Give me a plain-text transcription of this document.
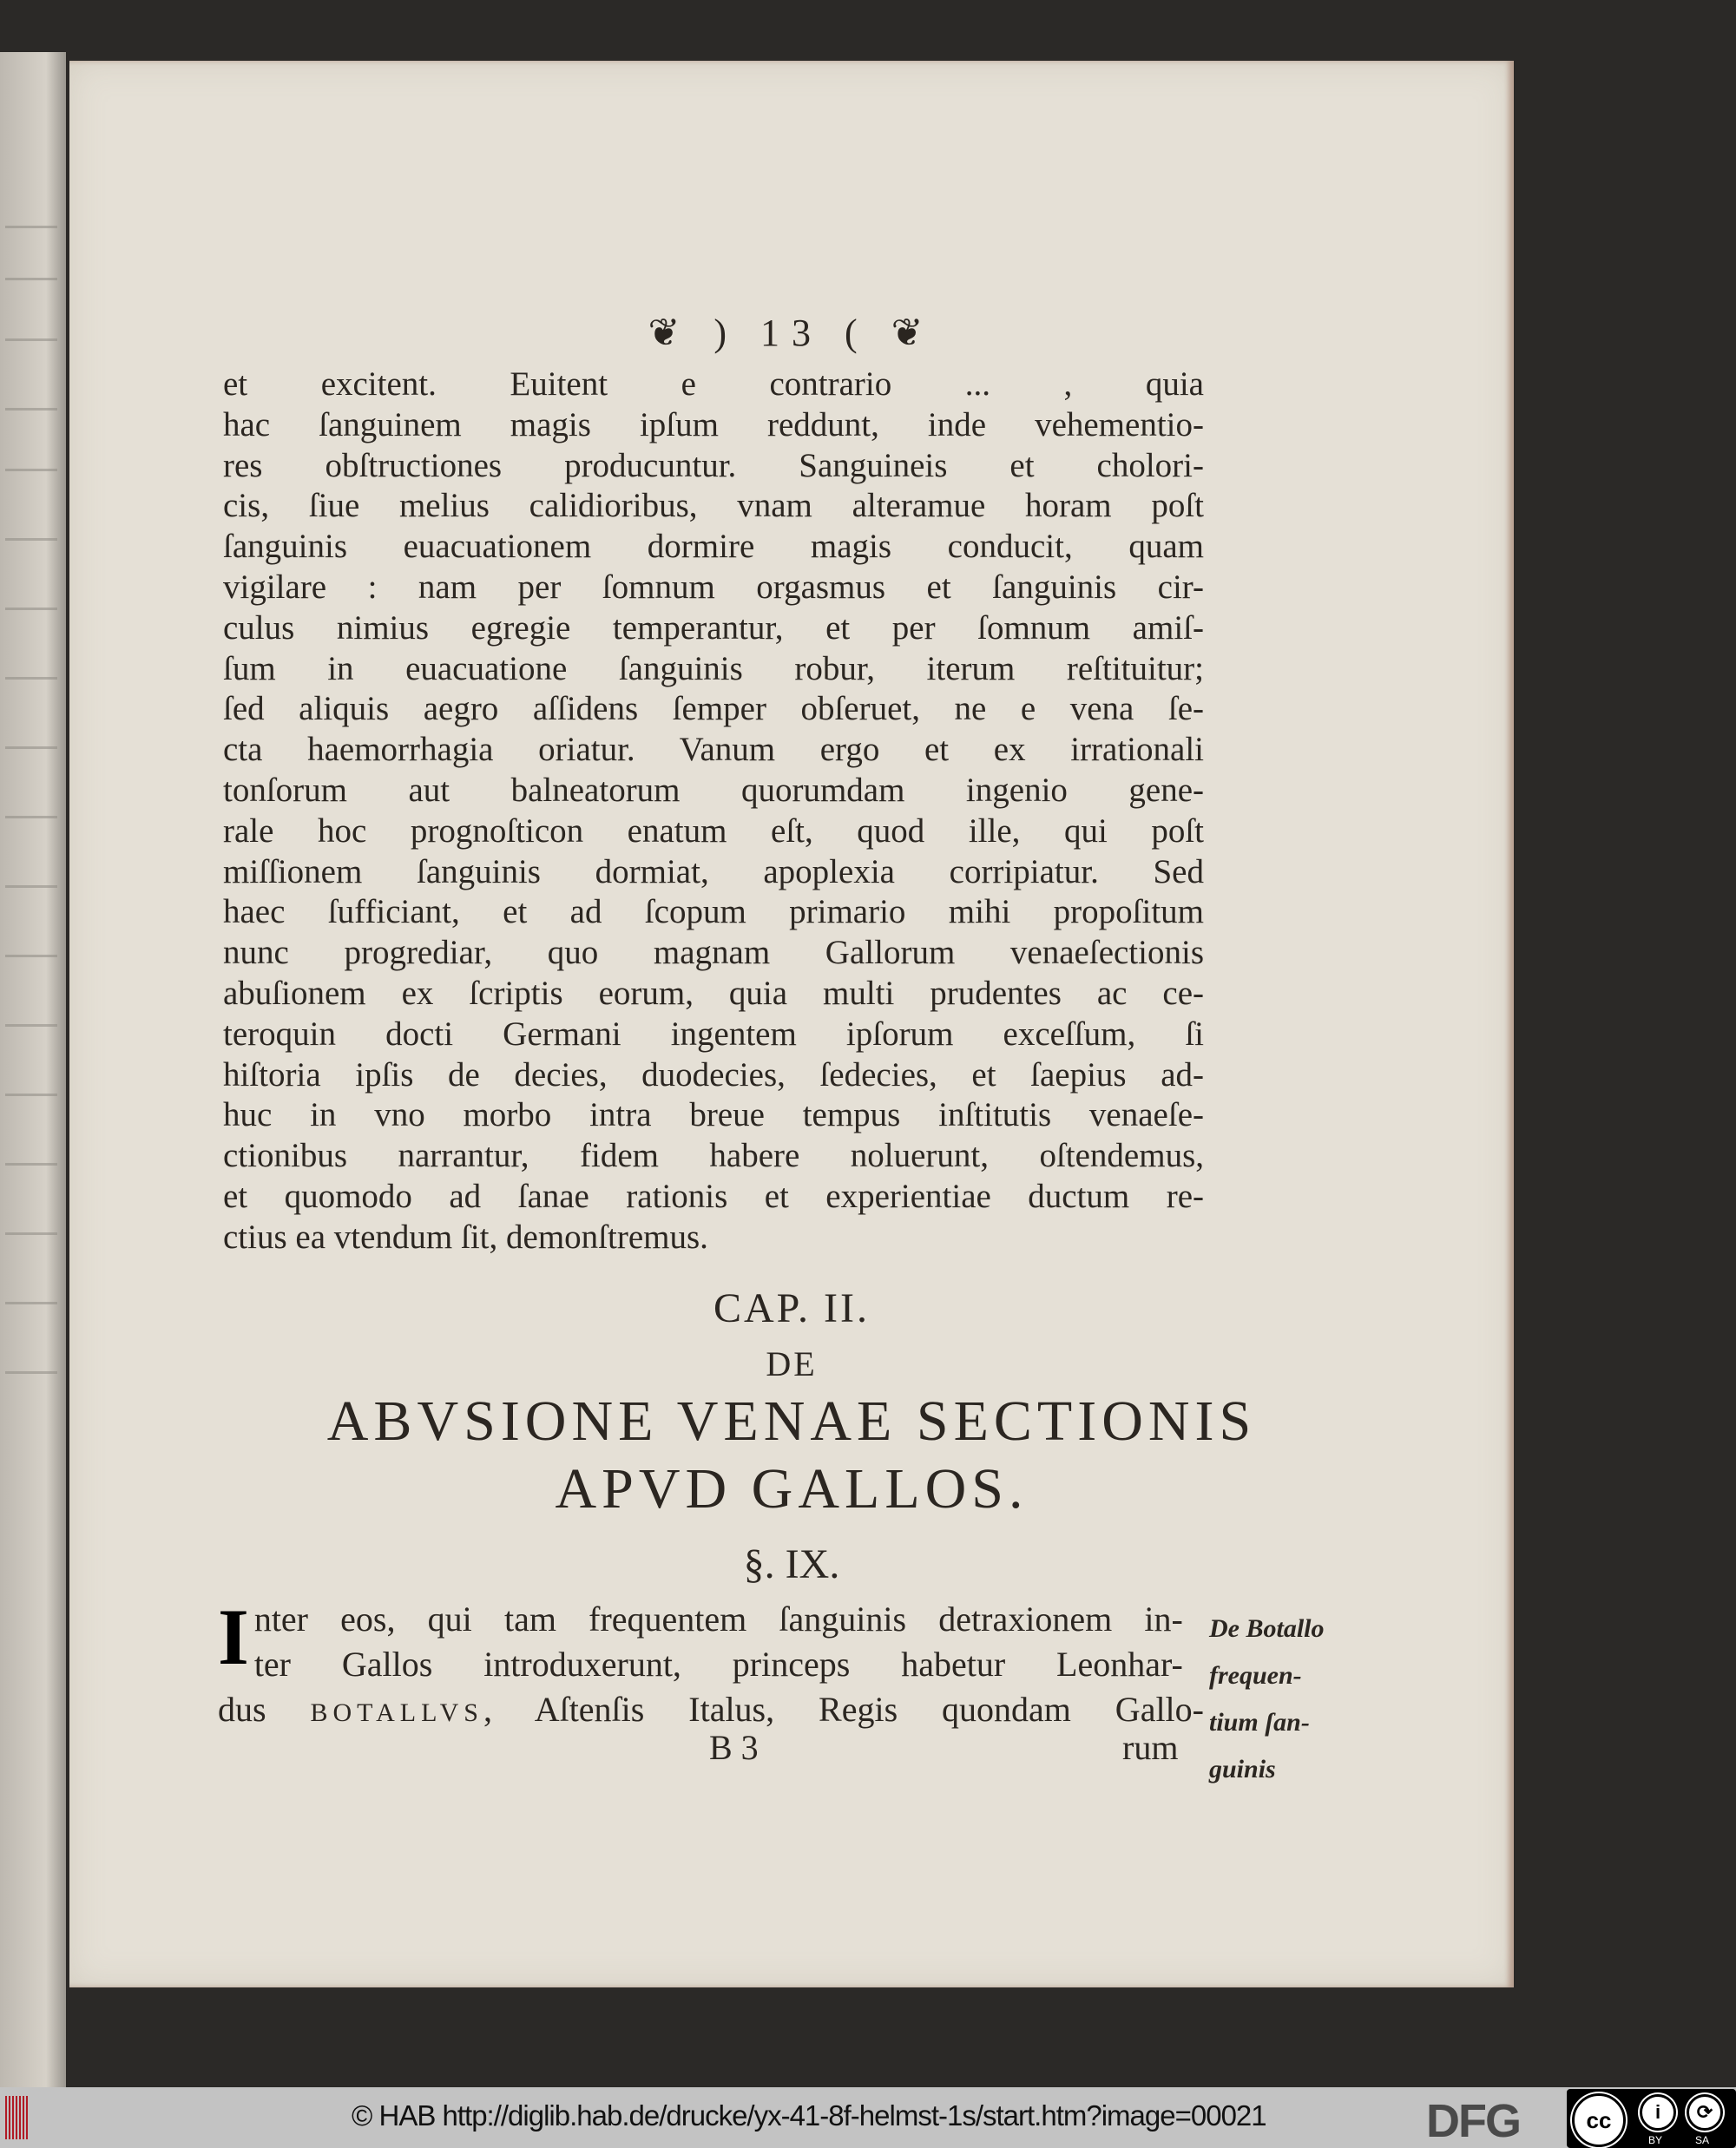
❦ ) 13 ( ❦
et excitent. Euitent e contrario ... , quia
hac ſanguinem magis ipſum reddunt, inde vehementio-
res obſtructiones producuntur. Sanguineis et cholori-
cis, ſiue melius calidioribus, vnam alteramue horam poſt
ſanguinis euacuationem dormire magis conducit, quam
vigilare : nam per ſomnum orgasmus et ſanguinis cir-
culus nimius egregie temperantur, et per ſomnum amiſ-
ſum in euacuatione ſanguinis robur, iterum reſtituitur;
ſed aliquis aegro aſſidens ſemper obſeruet, ne e vena ſe-
cta haemorrhagia oriatur. Vanum ergo et ex irrationali
tonſorum aut balneatorum quorumdam ingenio gene-
rale hoc prognoſticon enatum eſt, quod ille, qui poſt
miſſionem ſanguinis dormiat, apoplexia corripiatur. Sed
haec ſufficiant, et ad ſcopum primario mihi propoſitum
nunc progrediar, quo magnam Gallorum venaeſectionis
abuſionem ex ſcriptis eorum, quia multi prudentes ac ce-
teroquin docti Germani ingentem ipſorum exceſſum, ſi
hiſtoria ipſis de decies, duodecies, ſedecies, et ſaepius ad-
huc in vno morbo intra breue tempus inſtitutis venaeſe-
ctionibus narrantur, fidem habere noluerunt, oſtendemus,
et quomodo ad ſanae rationis et experientiae ductum re-
ctius ea vtendum ſit, demonſtremus.
CAP. II.
DE
ABVSIONE VENAE SECTIONIS
APVD GALLOS.
§. IX.
I nter eos, qui tam frequentem ſanguinis detraxionem in-
ter Gallos introduxerunt, princeps habetur Leonhar-
dus BOTALLVS, Aſtenſis Italus, Regis quondam Gallo-
B 3	rum
De Botallo
frequen-
tium ſan-
guinis
© HAB http://diglib.hab.de/drucke/yx-41-8f-helmst-1s/start.htm?image=00021	DFG	cc	i	⟳
BY	SA
